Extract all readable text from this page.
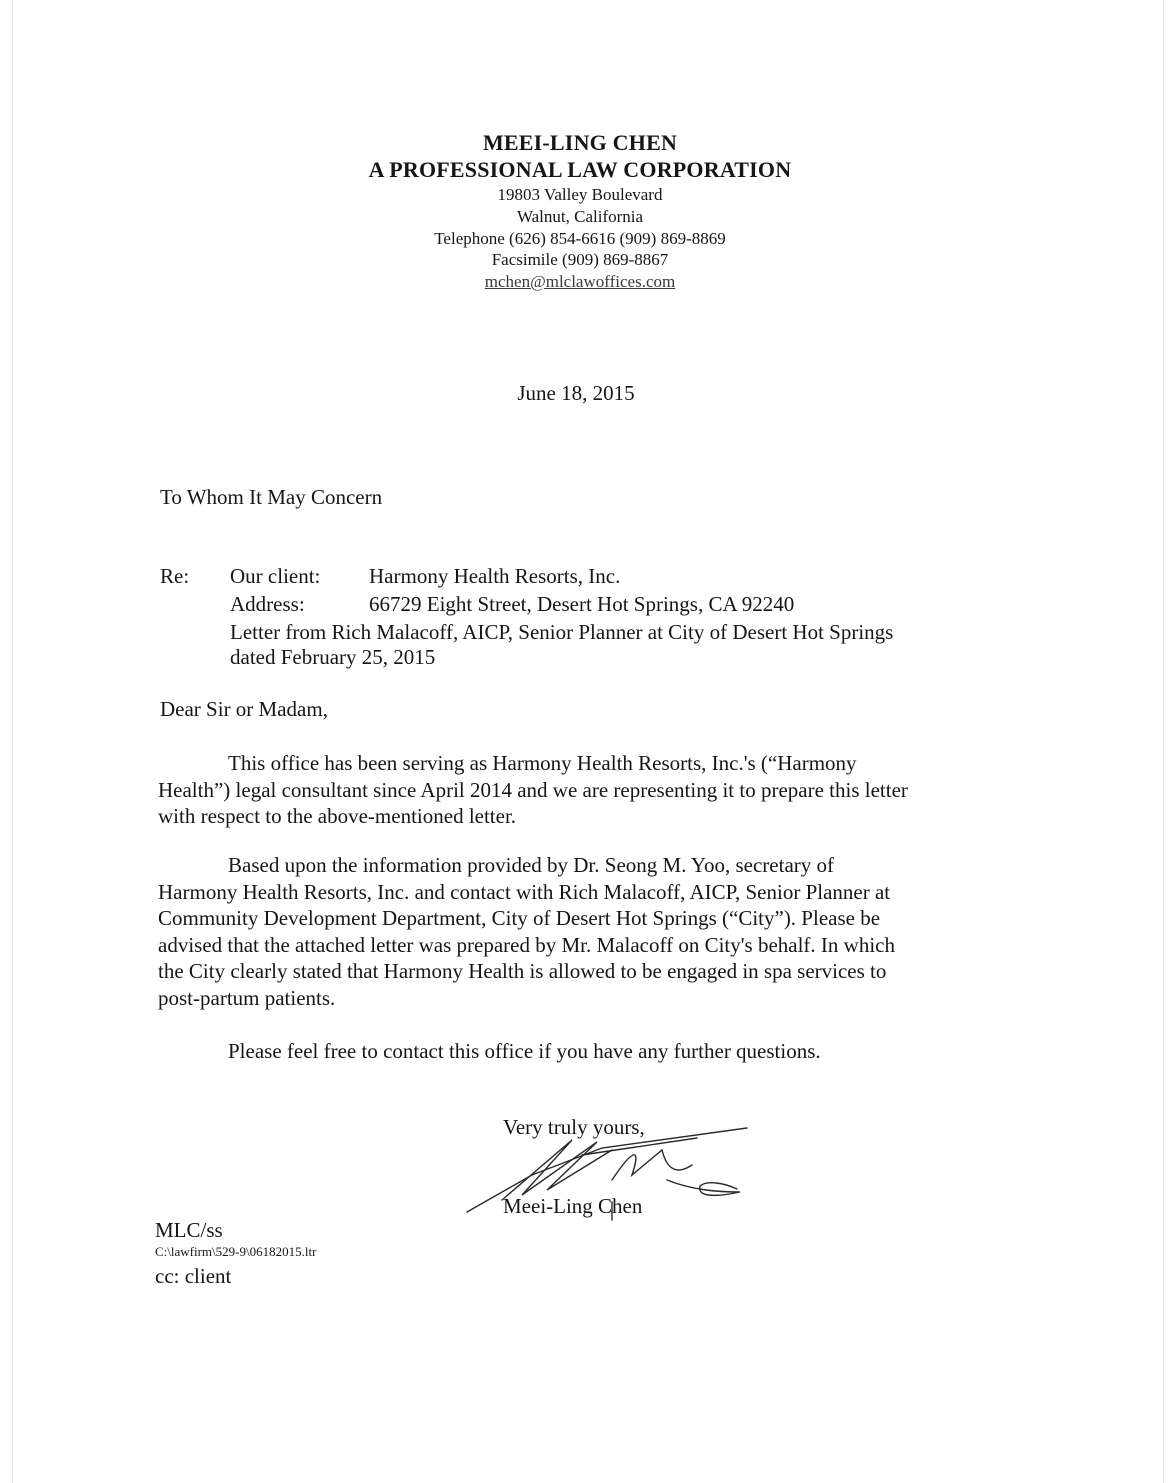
MEEI-LING CHEN
A PROFESSIONAL LAW CORPORATION
19803 Valley Boulevard
Walnut, California
Telephone (626) 854-6616 (909) 869-8869
Facsimile (909) 869-8867
mchen@mlclawoffices.com
June 18, 2015
To Whom It May Concern
Re: Our client: Harmony Health Resorts, Inc.
Address:	66729 Eight Street, Desert Hot Springs, CA 92240
Letter from Rich Malacoff, AICP, Senior Planner at City of Desert Hot Springs
dated February 25, 2015
Dear Sir or Madam,
This office has been serving as Harmony Health Resorts, Inc.'s (“Harmony
Health”) legal consultant since April 2014 and we are representing it to prepare this letter
with respect to the above-mentioned letter.
Based upon the information provided by Dr. Seong M. Yoo, secretary of
Harmony Health Resorts, Inc. and contact with Rich Malacoff, AICP, Senior Planner at
Community Development Department, City of Desert Hot Springs (“City”). Please be
advised that the attached letter was prepared by Mr. Malacoff on City's behalf. In which
the City clearly stated that Harmony Health is allowed to be engaged in spa services to
post-partum patients.
Please feel free to contact this office if you have any further questions.
Very truly yours,
Meei-Ling Chen
MLC/ss
C:\lawfirm\529-9\06182015.ltr
cc: client
